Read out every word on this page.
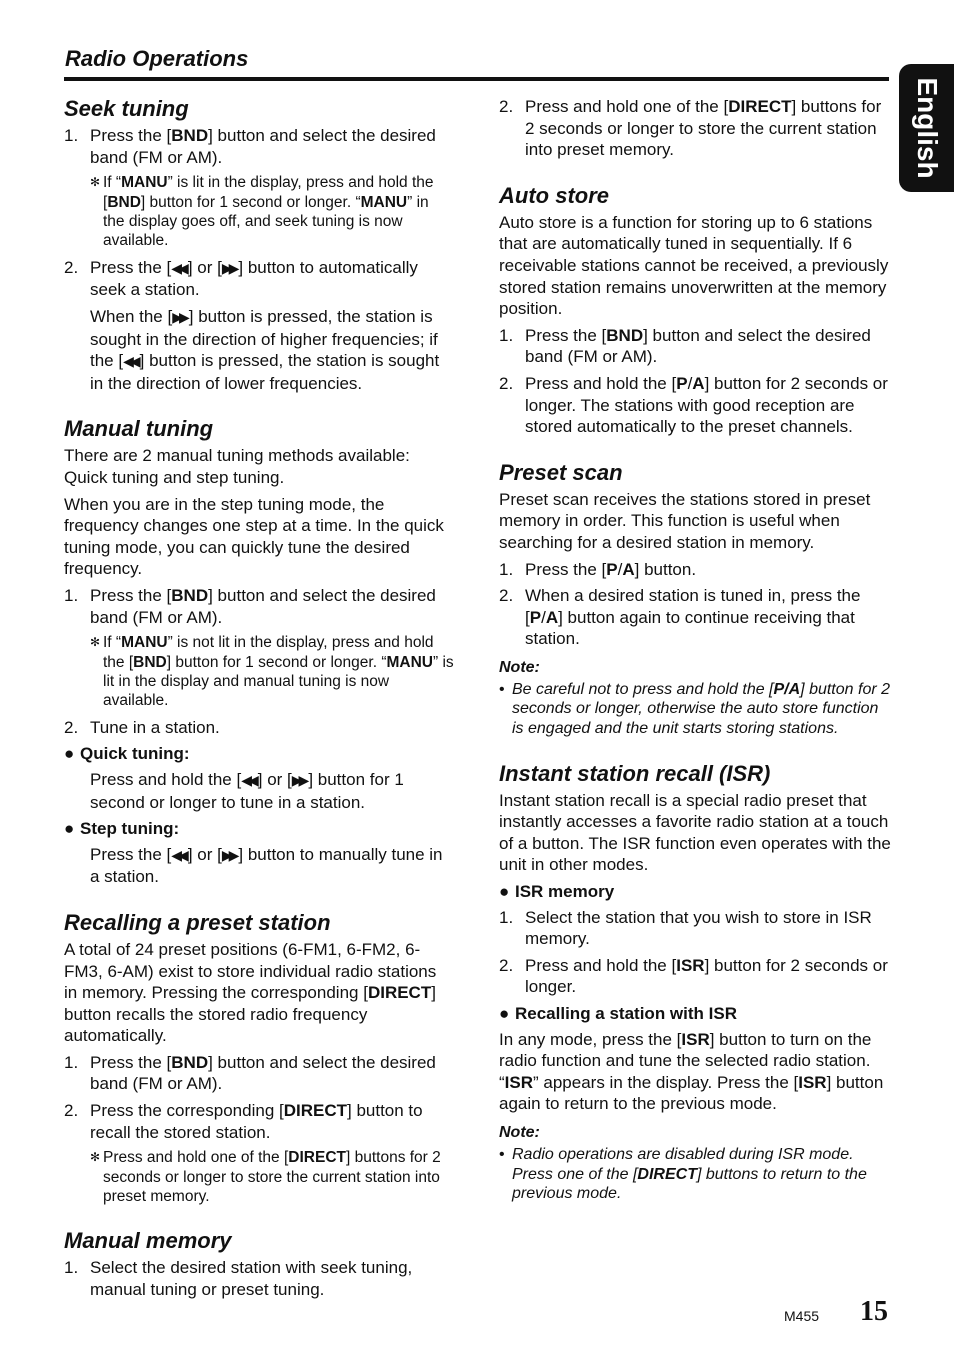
Radio Operations
English
Seek tuning
1. Press the [BND] button and select the desired band (FM or AM).
✻ If “MANU” is lit in the display, press and hold the [BND] button for 1 second or longer. “MANU” in the display goes off, and seek tuning is now available.
2. Press the [◀◀ ] or [▶▶ ] button to automatically seek a station.
When the [▶▶ ] button is pressed, the station is sought in the direction of higher frequencies; if the [◀◀ ] button is pressed, the station is sought in the direction of lower frequencies.
Manual tuning

There are 2 manual tuning methods available: Quick tuning and step tuning.

When you are in the step tuning mode, the frequency changes one step at a time. In the quick tuning mode, you can quickly tune the desired frequency.

1. Press the [BND] button and select the desired band (FM or AM).
✻ If “MANU” is not lit in the display, press and hold the [BND] button for 1 second or longer. “MANU” is lit in the display and manual tuning is now available.
2. Tune in a station.
● Quick tuning:
Press and hold the [◀◀ ] or [▶▶ ] button for 1 second or longer to tune in a station.
● Step tuning:
Press the [◀◀ ] or [▶▶ ] button to manually tune in a station.
Recalling a preset station

A total of 24 preset positions (6-FM1, 6-FM2, 6-FM3, 6-AM) exist to store individual radio stations in memory. Pressing the corresponding [DIRECT] button recalls the stored radio frequency automatically.

1. Press the [BND] button and select the desired band (FM or AM).
2. Press the corresponding [DIRECT] button to recall the stored station.
✻ Press and hold one of the [DIRECT] buttons for 2 seconds or longer to store the current station into preset memory.
Manual memory
1. Select the desired station with seek tuning, manual tuning or preset tuning.
2. Press and hold one of the [DIRECT] buttons for 2 seconds or longer to store the current station into preset memory.
Auto store

Auto store is a function for storing up to 6 stations that are automatically tuned in sequentially. If 6 receivable stations cannot be received, a previously stored station remains unoverwritten at the memory position.

1. Press the [BND] button and select the desired band (FM or AM).
2. Press and hold the [P/A] button for 2 seconds or longer. The stations with good reception are stored automatically to the preset channels.
Preset scan

Preset scan receives the stations stored in preset memory in order. This function is useful when searching for a desired station in memory.

1. Press the [P/A] button.
2. When a desired station is tuned in, press the [P/A] button again to continue receiving that station.
Note:
• Be careful not to press and hold the [P/A] button for 2 seconds or longer, otherwise the auto store function is engaged and the unit starts storing stations.
Instant station recall (ISR)

Instant station recall is a special radio preset that instantly accesses a favorite radio station at a touch of a button. The ISR function even operates with the unit in other modes.

● ISR memory
1. Select the station that you wish to store in ISR memory.
2. Press and hold the [ISR] button for 2 seconds or longer.
● Recalling a station with ISR

In any mode, press the [ISR] button to turn on the radio function and tune the selected radio station. “ISR” appears in the display. Press the [ISR] button again to return to the previous mode.

Note:
• Radio operations are disabled during ISR mode. Press one of the [DIRECT] buttons to return to the previous mode.
M455 15
